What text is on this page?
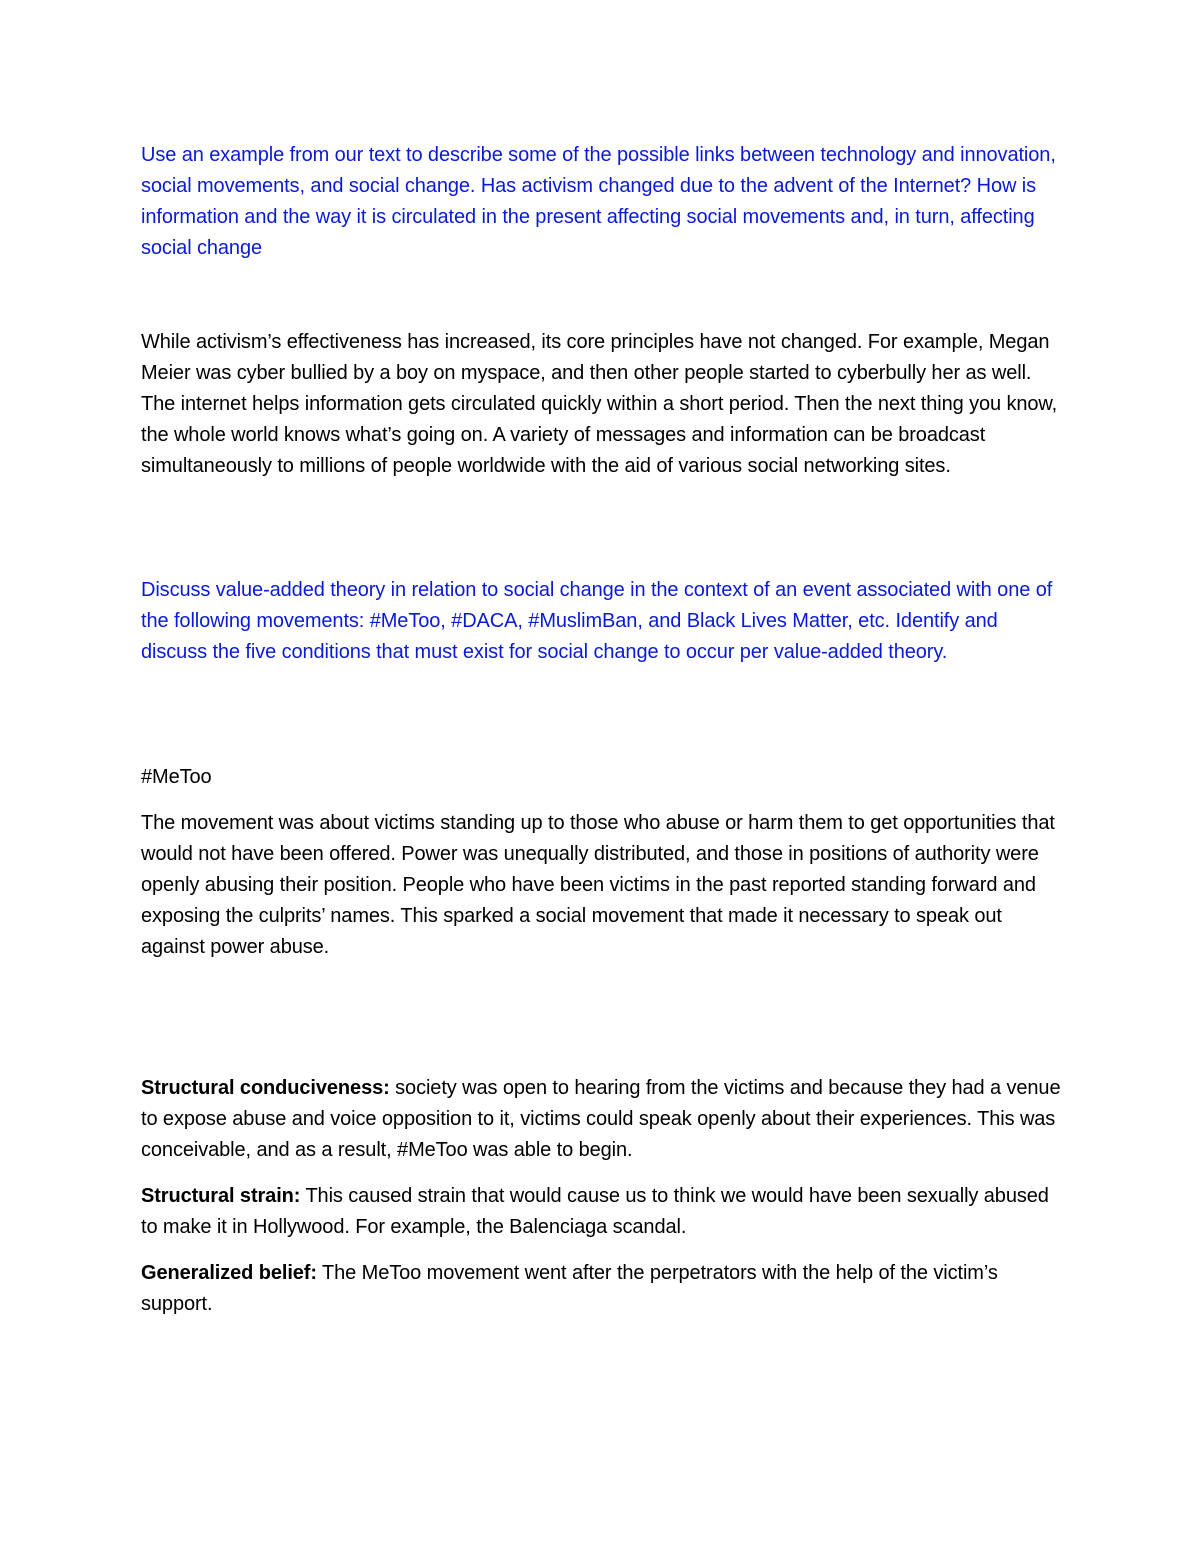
Use an example from our text to describe some of the possible links between technology and innovation, social movements, and social change. Has activism changed due to the advent of the Internet? How is information and the way it is circulated in the present affecting social movements and, in turn, affecting social change

While activism’s effectiveness has increased, its core principles have not changed. For example, Megan Meier was cyber bullied by a boy on myspace, and then other people started to cyberbully her as well. The internet helps information gets circulated quickly within a short period. Then the next thing you know, the whole world knows what’s going on. A variety of messages and information can be broadcast simultaneously to millions of people worldwide with the aid of various social networking sites.

Discuss value-added theory in relation to social change in the context of an event associated with one of the following movements: #MeToo, #DACA, #MuslimBan, and Black Lives Matter, etc. Identify and discuss the five conditions that must exist for social change to occur per value-added theory.

#MeToo

The movement was about victims standing up to those who abuse or harm them to get opportunities that would not have been offered. Power was unequally distributed, and those in positions of authority were openly abusing their position. People who have been victims in the past reported standing forward and exposing the culprits’ names. This sparked a social movement that made it necessary to speak out against power abuse.

Structural conduciveness: society was open to hearing from the victims and because they had a venue to expose abuse and voice opposition to it, victims could speak openly about their experiences. This was conceivable, and as a result, #MeToo was able to begin.

Structural strain: This caused strain that would cause us to think we would have been sexually abused to make it in Hollywood. For example, the Balenciaga scandal.

Generalized belief: The MeToo movement went after the perpetrators with the help of the victim’s support.
